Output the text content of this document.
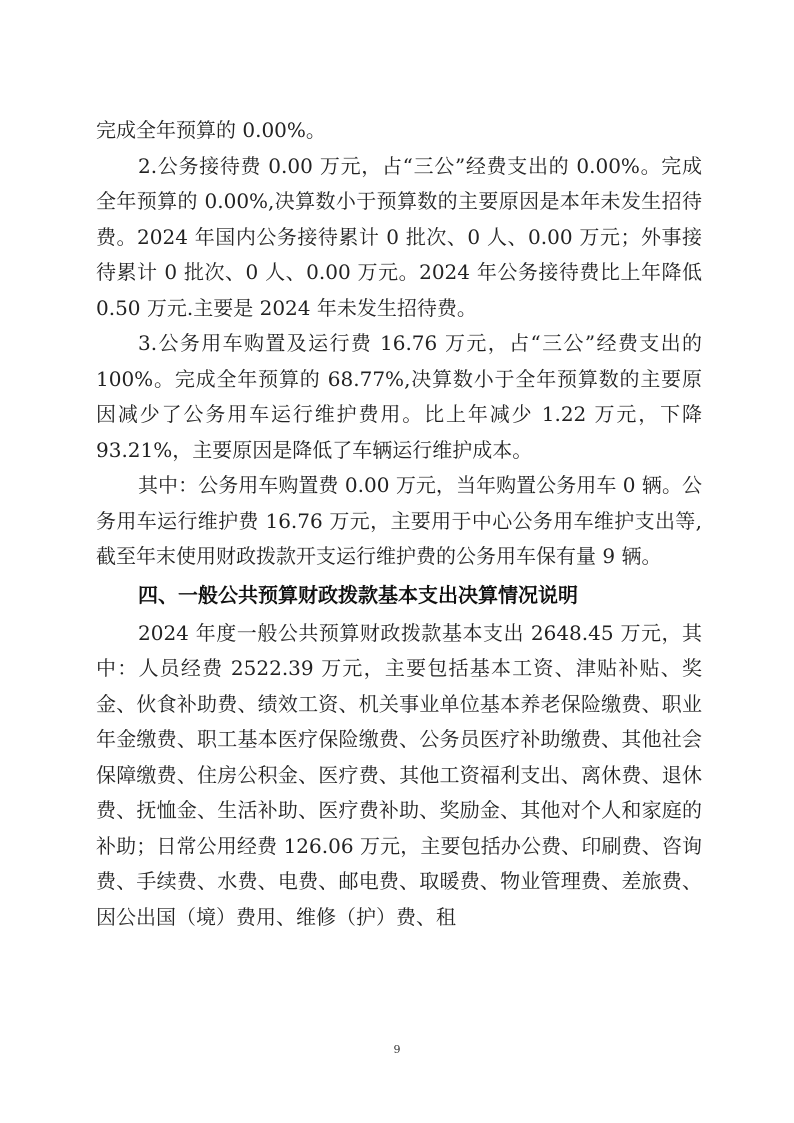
完成全年预算的 0.00%。

2.公务接待费 0.00 万元，占“三公”经费支出的 0.00%。完成全年预算的 0.00%,决算数小于预算数的主要原因是本年未发生招待费。2024 年国内公务接待累计 0 批次、0 人、0.00 万元；外事接待累计 0 批次、0 人、0.00 万元。2024 年公务接待费比上年降低 0.50 万元.主要是 2024 年未发生招待费。

3.公务用车购置及运行费 16.76 万元，占“三公”经费支出的 100%。完成全年预算的 68.77%,决算数小于全年预算数的主要原因减少了公务用车运行维护费用。比上年减少 1.22 万元，下降 93.21%，主要原因是降低了车辆运行维护成本。

其中：公务用车购置费 0.00 万元，当年购置公务用车 0 辆。公务用车运行维护费 16.76 万元，主要用于中心公务用车维护支出等,截至年末使用财政拨款开支运行维护费的公务用车保有量 9 辆。

四、一般公共预算财政拨款基本支出决算情况说明

2024 年度一般公共预算财政拨款基本支出 2648.45 万元，其中：人员经费 2522.39 万元，主要包括基本工资、津贴补贴、奖金、伙食补助费、绩效工资、机关事业单位基本养老保险缴费、职业年金缴费、职工基本医疗保险缴费、公务员医疗补助缴费、其他社会保障缴费、住房公积金、医疗费、其他工资福利支出、离休费、退休费、抚恤金、生活补助、医疗费补助、奖励金、其他对个人和家庭的补助；日常公用经费 126.06 万元，主要包括办公费、印刷费、咨询费、手续费、水费、电费、邮电费、取暖费、物业管理费、差旅费、因公出国（境）费用、维修（护）费、租

9
